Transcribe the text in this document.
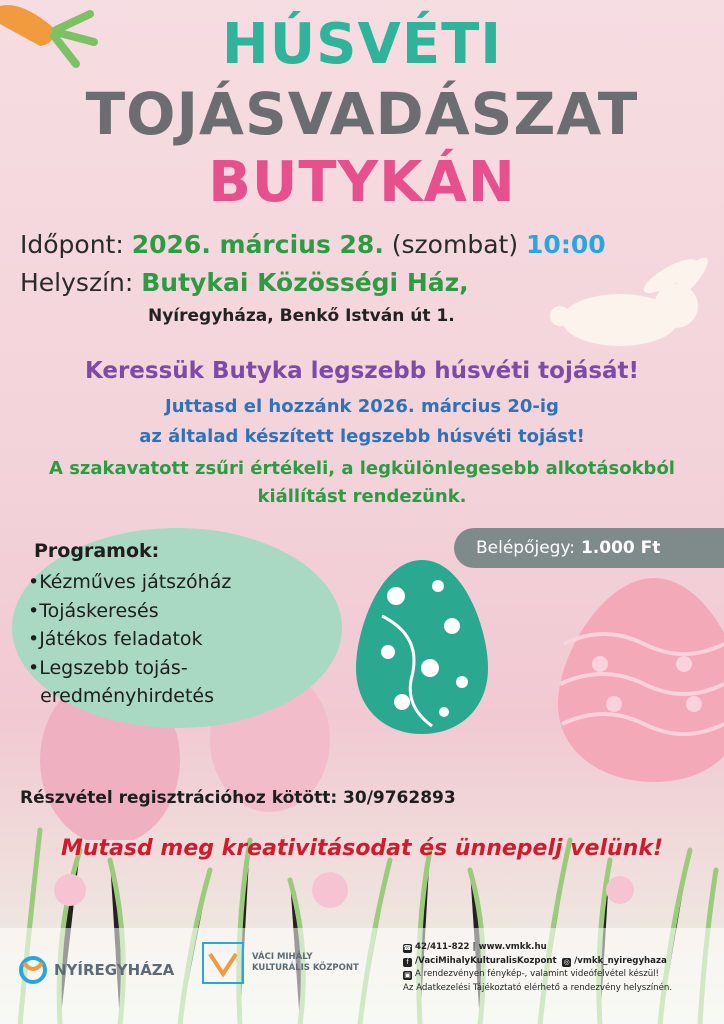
HÚSVÉTI
TOJÁSVADÁSZAT
BUTYKÁN
Időpont: 2026. március 28. (szombat) 10:00
Helyszín: Butykai Közösségi Ház,
Nyíregyháza, Benkő István út 1.
Keressük Butyka legszebb húsvéti tojását!
Juttasd el hozzánk 2026. március 20-ig
az általad készített legszebb húsvéti tojást!
A szakavatott zsűri értékeli, a legkülönlegesebb alkotásokból
kiállítást rendezünk.
Programok:
•Kézműves játszóház
•Tojáskeresés
•Játékos feladatok
•Legszebb tojás-
eredményhirdetés
Belépőjegy: 1.000 Ft
Részvétel regisztrációhoz kötött: 30/9762893
Mutasd meg kreativitásodat és ünnepelj velünk!
NYÍREGYHÁZA
VÁCI MIHÁLY
KULTURÁLIS KÖZPONT
☎ 42/411-822 | www.vmkk.hu
f /VaciMihalyKulturalisKozpont ◎ /vmkk_nyiregyhaza
▣ A rendezvényen fénykép-, valamint videófelvétel készül!
Az Adatkezelési Tájékoztató elérhető a rendezvény helyszínén.
